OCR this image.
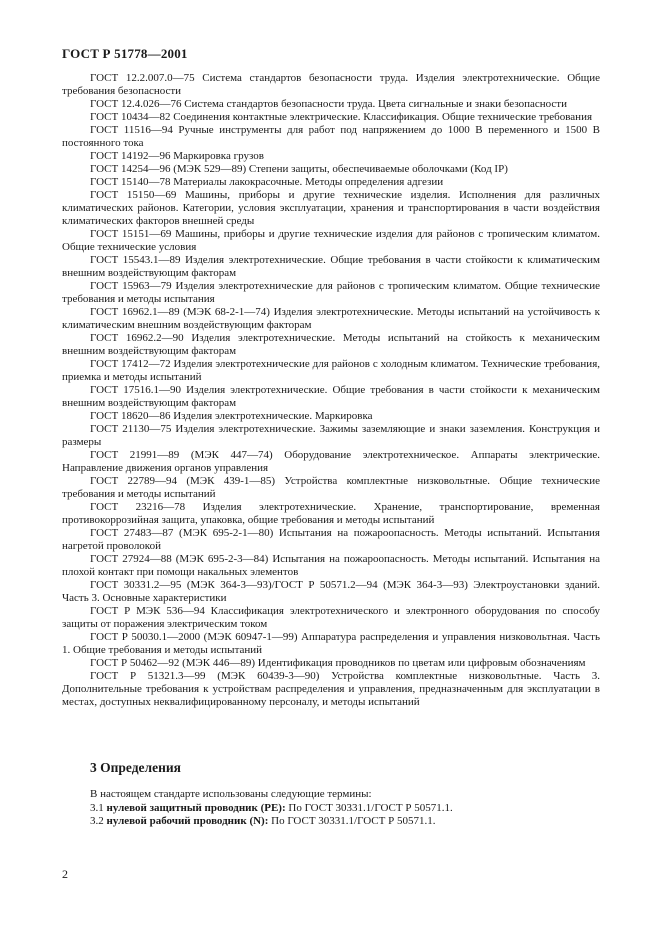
ГОСТ Р 51778—2001

ГОСТ 12.2.007.0—75 Система стандартов безопасности труда. Изделия электротехнические. Общие требования безопасности

ГОСТ 12.4.026—76 Система стандартов безопасности труда. Цвета сигнальные и знаки безопасности

ГОСТ 10434—82 Соединения контактные электрические. Классификация. Общие технические требования

ГОСТ 11516—94 Ручные инструменты для работ под напряжением до 1000 В переменного и 1500 В постоянного тока

ГОСТ 14192—96 Маркировка грузов

ГОСТ 14254—96 (МЭК 529—89) Степени защиты, обеспечиваемые оболочками (Код IP)

ГОСТ 15140—78 Материалы лакокрасочные. Методы определения адгезии

ГОСТ 15150—69 Машины, приборы и другие технические изделия. Исполнения для различных климатических районов. Категории, условия эксплуатации, хранения и транспортирования в части воздействия климатических факторов внешней среды

ГОСТ 15151—69 Машины, приборы и другие технические изделия для районов с тропическим климатом. Общие технические условия

ГОСТ 15543.1—89 Изделия электротехнические. Общие требования в части стойкости к климатическим внешним воздействующим факторам

ГОСТ 15963—79 Изделия электротехнические для районов с тропическим климатом. Общие технические требования и методы испытания

ГОСТ 16962.1—89 (МЭК 68-2-1—74) Изделия электротехнические. Методы испытаний на устойчивость к климатическим внешним воздействующим факторам

ГОСТ 16962.2—90 Изделия электротехнические. Методы испытаний на стойкость к механическим внешним воздействующим факторам

ГОСТ 17412—72 Изделия электротехнические для районов с холодным климатом. Технические требования, приемка и методы испытаний

ГОСТ 17516.1—90 Изделия электротехнические. Общие требования в части стойкости к механическим внешним воздействующим факторам

ГОСТ 18620—86 Изделия электротехнические. Маркировка

ГОСТ 21130—75 Изделия электротехнические. Зажимы заземляющие и знаки заземления. Конструкция и размеры

ГОСТ 21991—89 (МЭК 447—74) Оборудование электротехническое. Аппараты электрические. Направление движения органов управления

ГОСТ 22789—94 (МЭК 439-1—85) Устройства комплектные низковольтные. Общие технические требования и методы испытаний

ГОСТ 23216—78 Изделия электротехнические. Хранение, транспортирование, временная противокоррозийная защита, упаковка, общие требования и методы испытаний

ГОСТ 27483—87 (МЭК 695-2-1—80) Испытания на пожароопасность. Методы испытаний. Испытания нагретой проволокой

ГОСТ 27924—88 (МЭК 695-2-3—84) Испытания на пожароопасность. Методы испытаний. Испытания на плохой контакт при помощи накальных элементов

ГОСТ 30331.2—95 (МЭК 364-3—93)/ГОСТ Р 50571.2—94 (МЭК 364-3—93) Электроустановки зданий. Часть 3. Основные характеристики

ГОСТ Р МЭК 536—94 Классификация электротехнического и электронного оборудования по способу защиты от поражения электрическим током

ГОСТ Р 50030.1—2000 (МЭК 60947-1—99) Аппаратура распределения и управления низковольтная. Часть 1. Общие требования и методы испытаний

ГОСТ Р 50462—92 (МЭК 446—89) Идентификация проводников по цветам или цифровым обозначениям

ГОСТ Р 51321.3—99 (МЭК 60439-3—90) Устройства комплектные низковольтные. Часть 3. Дополнительные требования к устройствам распределения и управления, предназначенным для эксплуатации в местах, доступных неквалифицированному персоналу, и методы испытаний

3 Определения

В настоящем стандарте использованы следующие термины:

3.1 нулевой защитный проводник (РЕ): По ГОСТ 30331.1/ГОСТ Р 50571.1.

3.2 нулевой рабочий проводник (N): По ГОСТ 30331.1/ГОСТ Р 50571.1.

2
